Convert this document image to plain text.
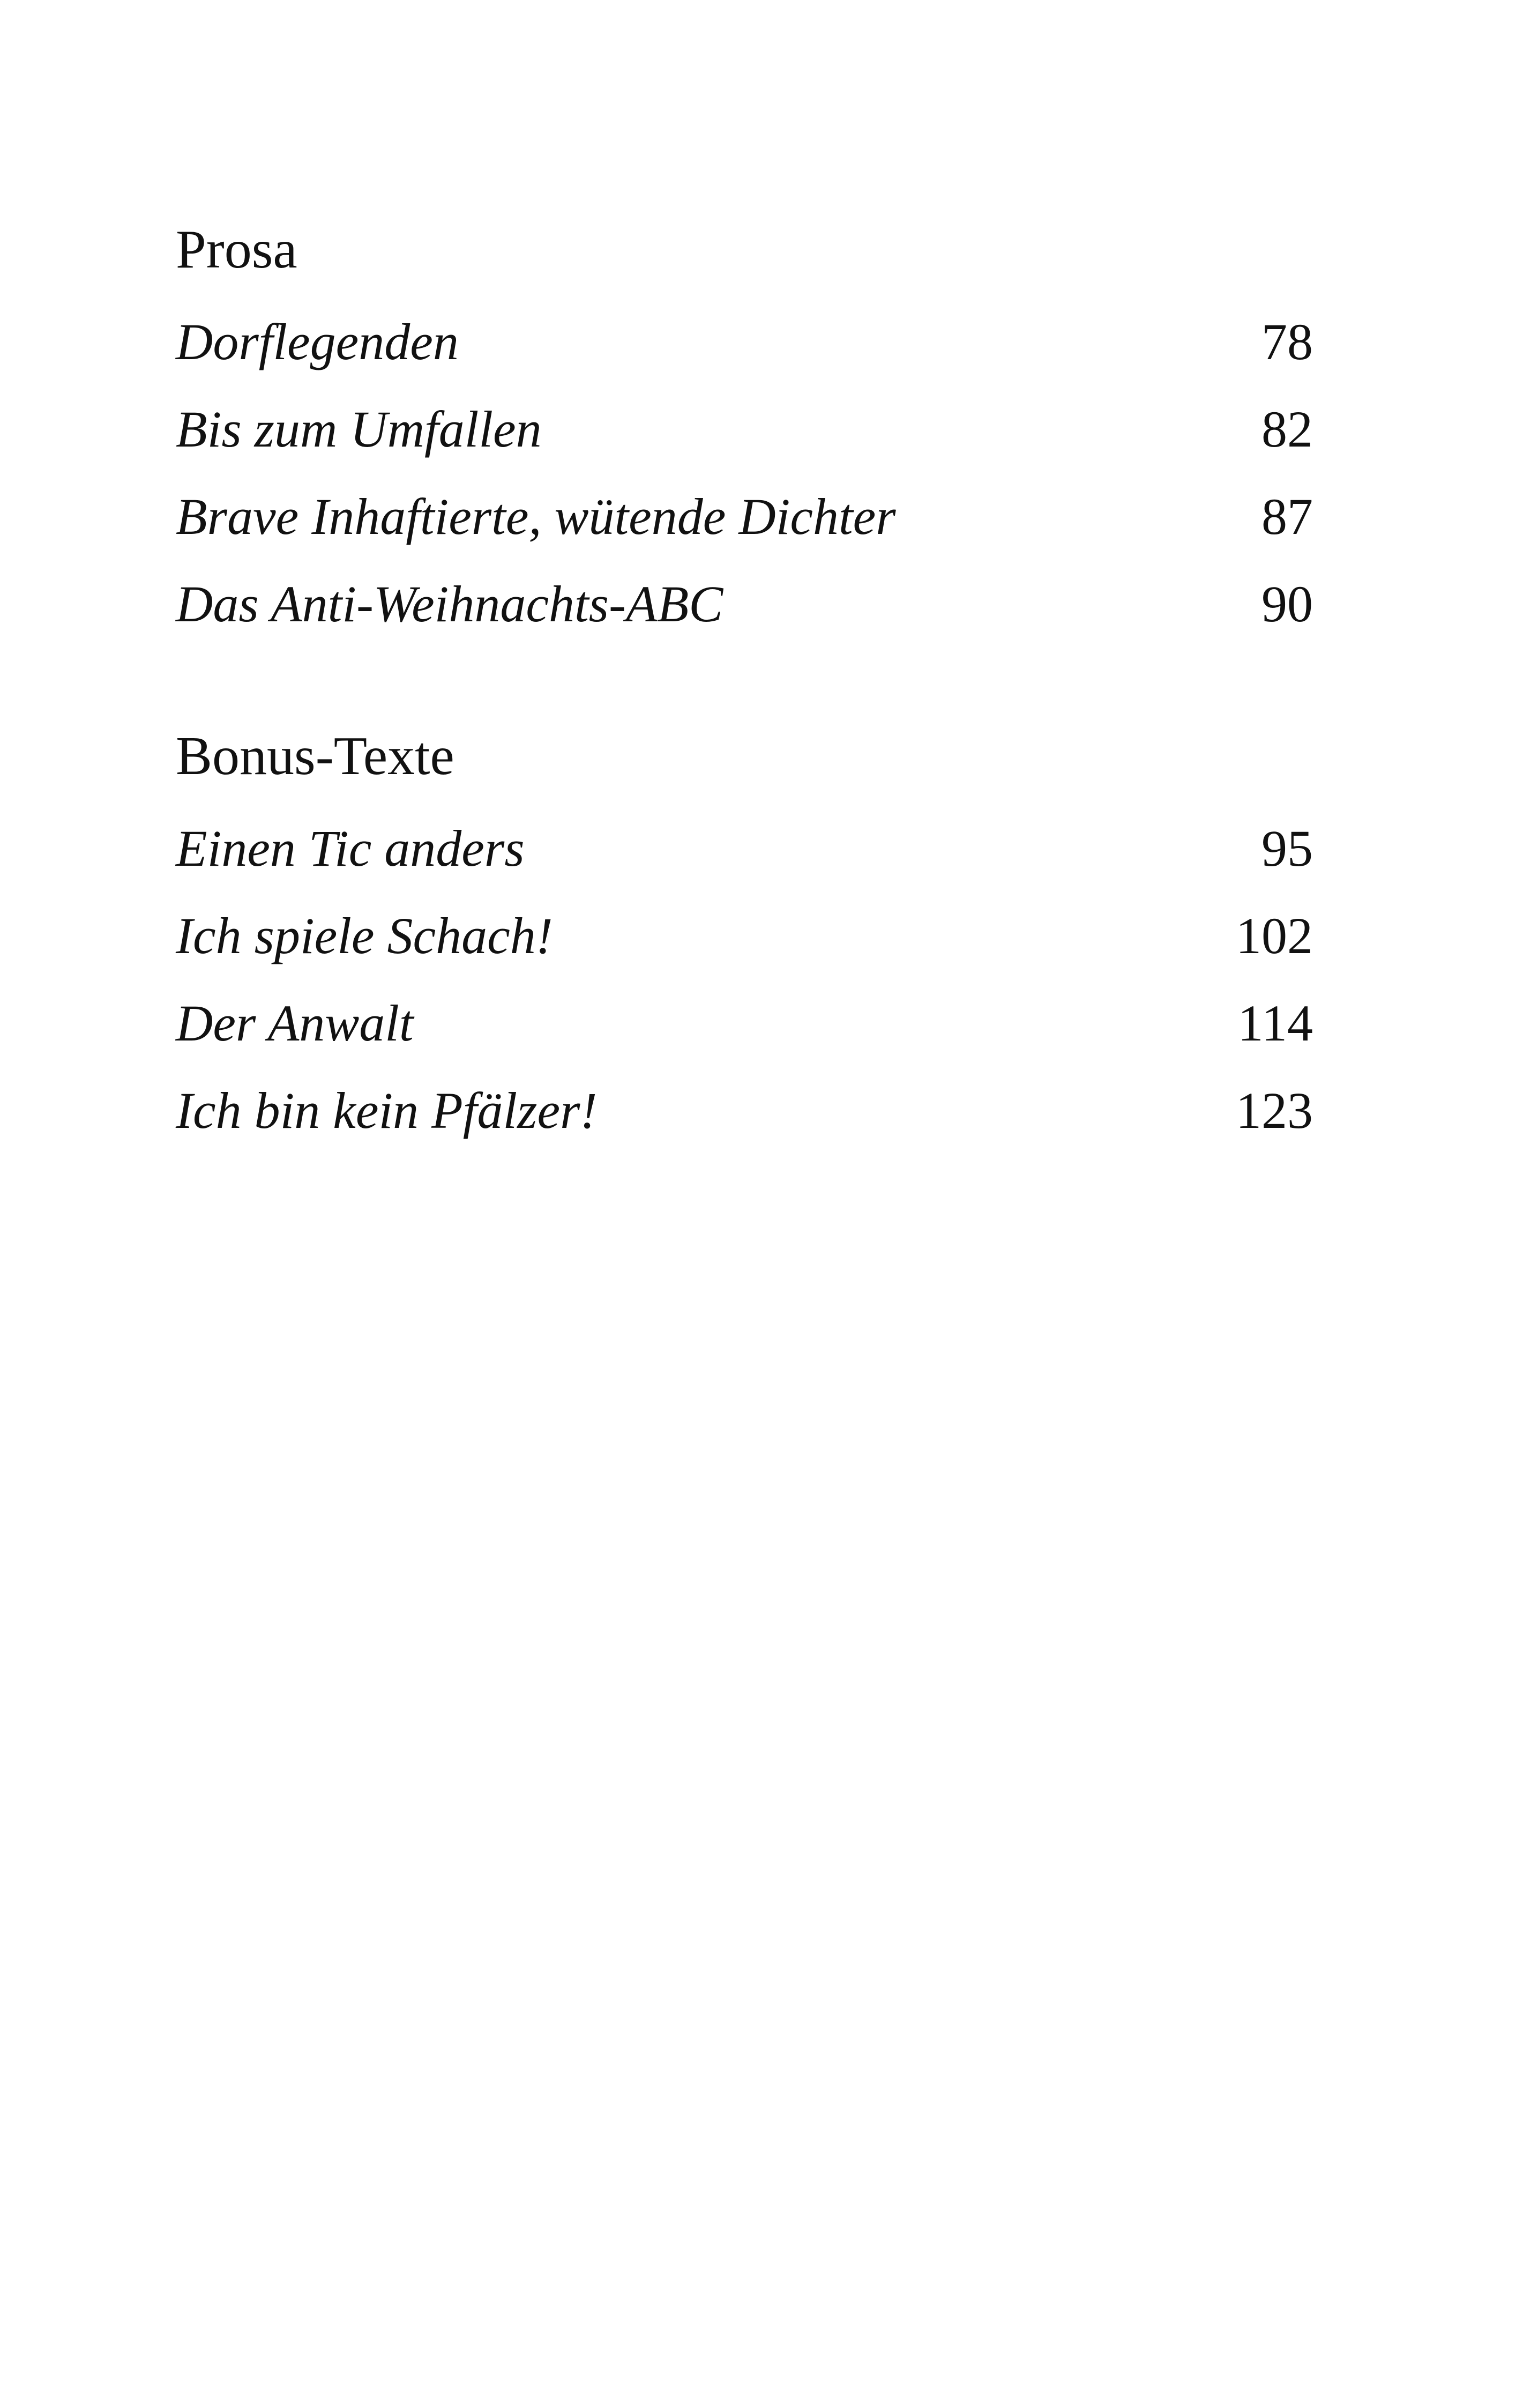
Prosa
Dorflegenden	78
Bis zum Umfallen	82
Brave Inhaftierte, wütende Dichter	87
Das Anti-Weihnachts-ABC	90
Bonus-Texte
Einen Tic anders	95
Ich spiele Schach!	102
Der Anwalt	114
Ich bin kein Pfälzer!	123
